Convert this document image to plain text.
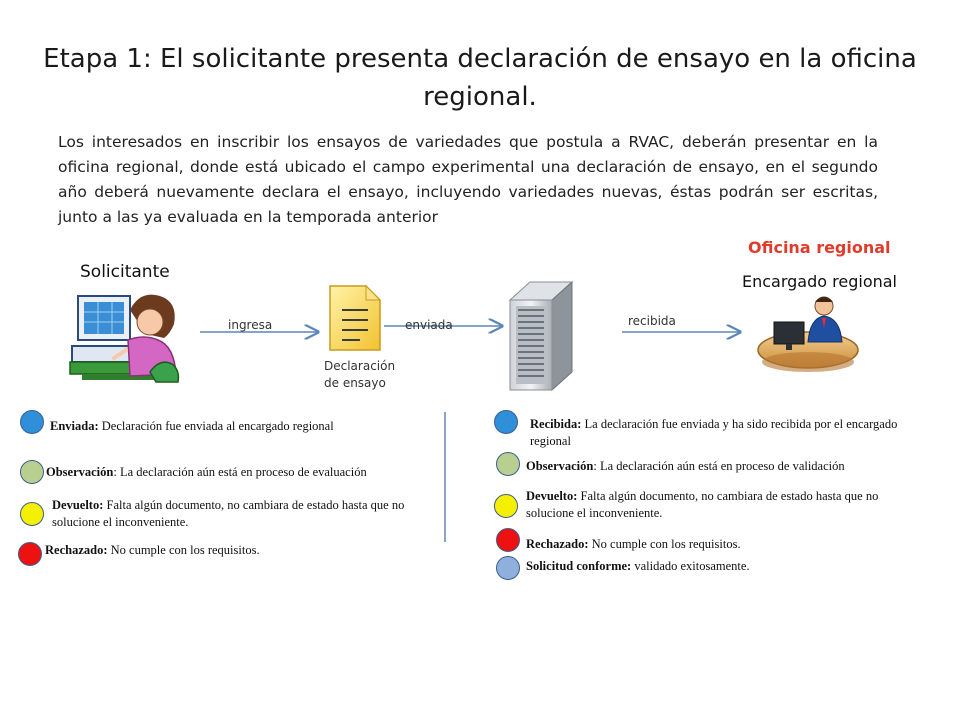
Etapa 1: El solicitante presenta declaración de ensayo en la oficina regional.
Los interesados en inscribir los ensayos de variedades que postula a RVAC, deberán presentar en la oficina regional, donde está ubicado el campo experimental una declaración de ensayo, en el segundo año deberá nuevamente declara el ensayo, incluyendo variedades nuevas, éstas podrán ser escritas, junto a las ya evaluada en la temporada anterior
Solicitante
Oficina regional
Encargado regional
ingresa	enviada	recibida
Declaración
de ensayo
Enviada: Declaración fue enviada al encargado regional
Observación: La declaración aún está en proceso de evaluación
Devuelto: Falta algún documento, no cambiara de estado hasta que no solucione el inconveniente.
Rechazado: No cumple con los requisitos.
Recibida: La declaración fue enviada y ha sido recibida por el encargado regional
Observación: La declaración aún está en proceso de validación
Devuelto: Falta algún documento, no cambiara de estado hasta que no solucione el inconveniente.
Rechazado: No cumple con los requisitos.
Solicitud conforme: validado exitosamente.
